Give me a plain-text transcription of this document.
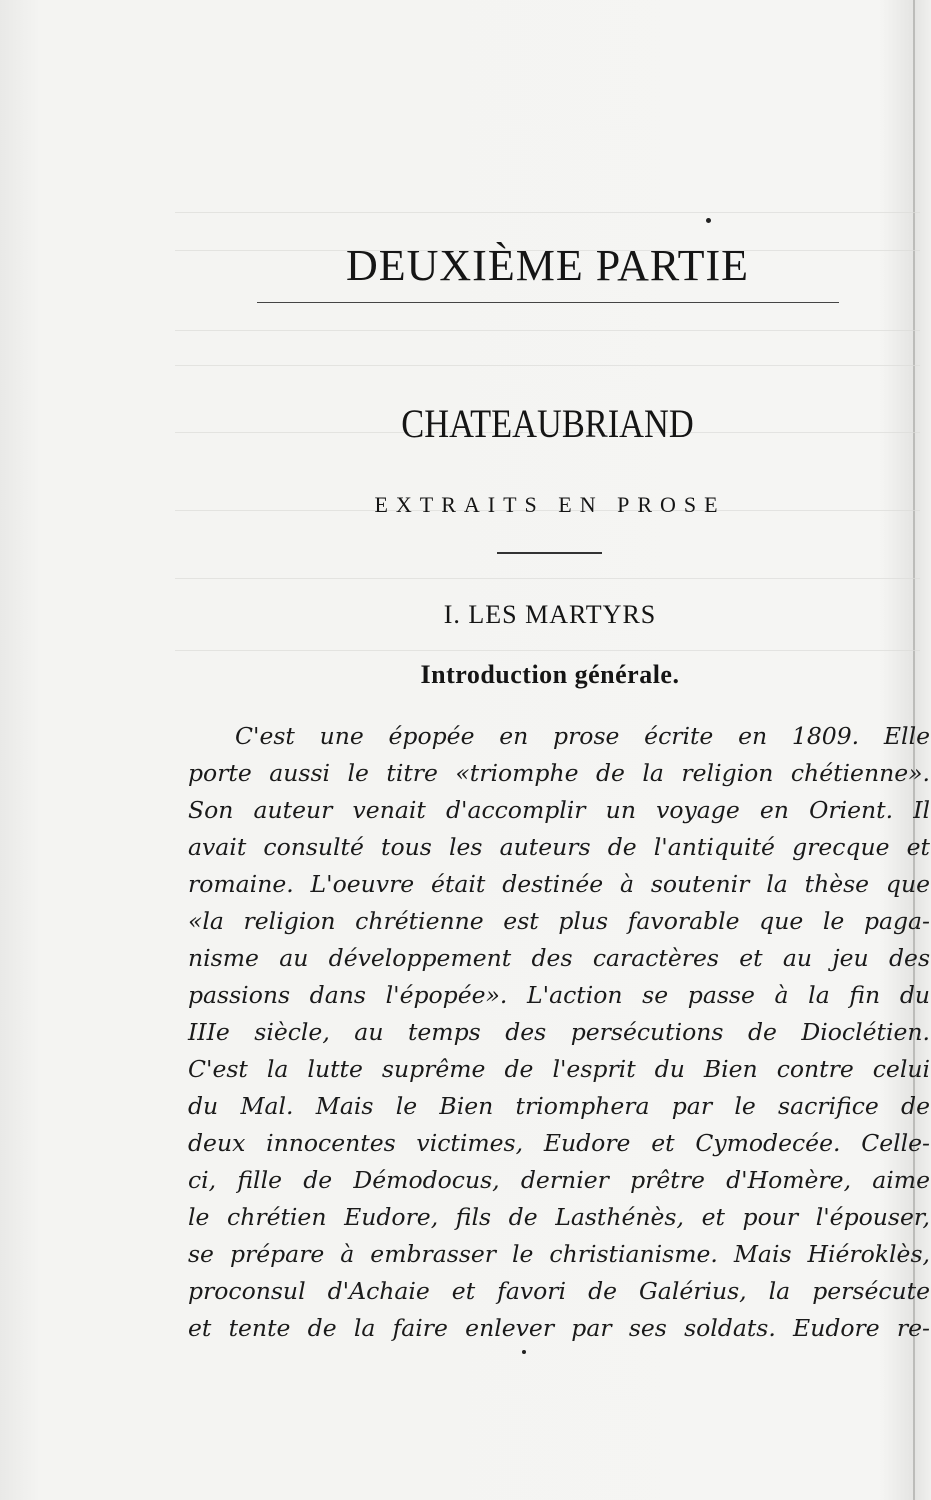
DEUXIÈME PARTIE
CHATEAUBRIAND
EXTRAITS EN PROSE
I. LES MARTYRS
Introduction générale.
C'est une épopée en prose écrite en 1809. Elle
porte aussi le titre «triomphe de la religion chétienne».
Son auteur venait d'accomplir un voyage en Orient. Il
avait consulté tous les auteurs de l'antiquité grecque et
romaine. L'oeuvre était destinée à soutenir la thèse que
«la religion chrétienne est plus favorable que le paga-
nisme au développement des caractères et au jeu des
passions dans l'épopée». L'action se passe à la fin du
IIIe siècle, au temps des persécutions de Dioclétien.
C'est la lutte suprême de l'esprit du Bien contre celui
du Mal. Mais le Bien triomphera par le sacrifice de
deux innocentes victimes, Eudore et Cymodecée. Celle-
ci, fille de Démodocus, dernier prêtre d'Homère, aime
le chrétien Eudore, fils de Lasthénès, et pour l'épouser,
se prépare à embrasser le christianisme. Mais Hiéroklès,
proconsul d'Achaie et favori de Galérius, la persécute
et tente de la faire enlever par ses soldats. Eudore re-
